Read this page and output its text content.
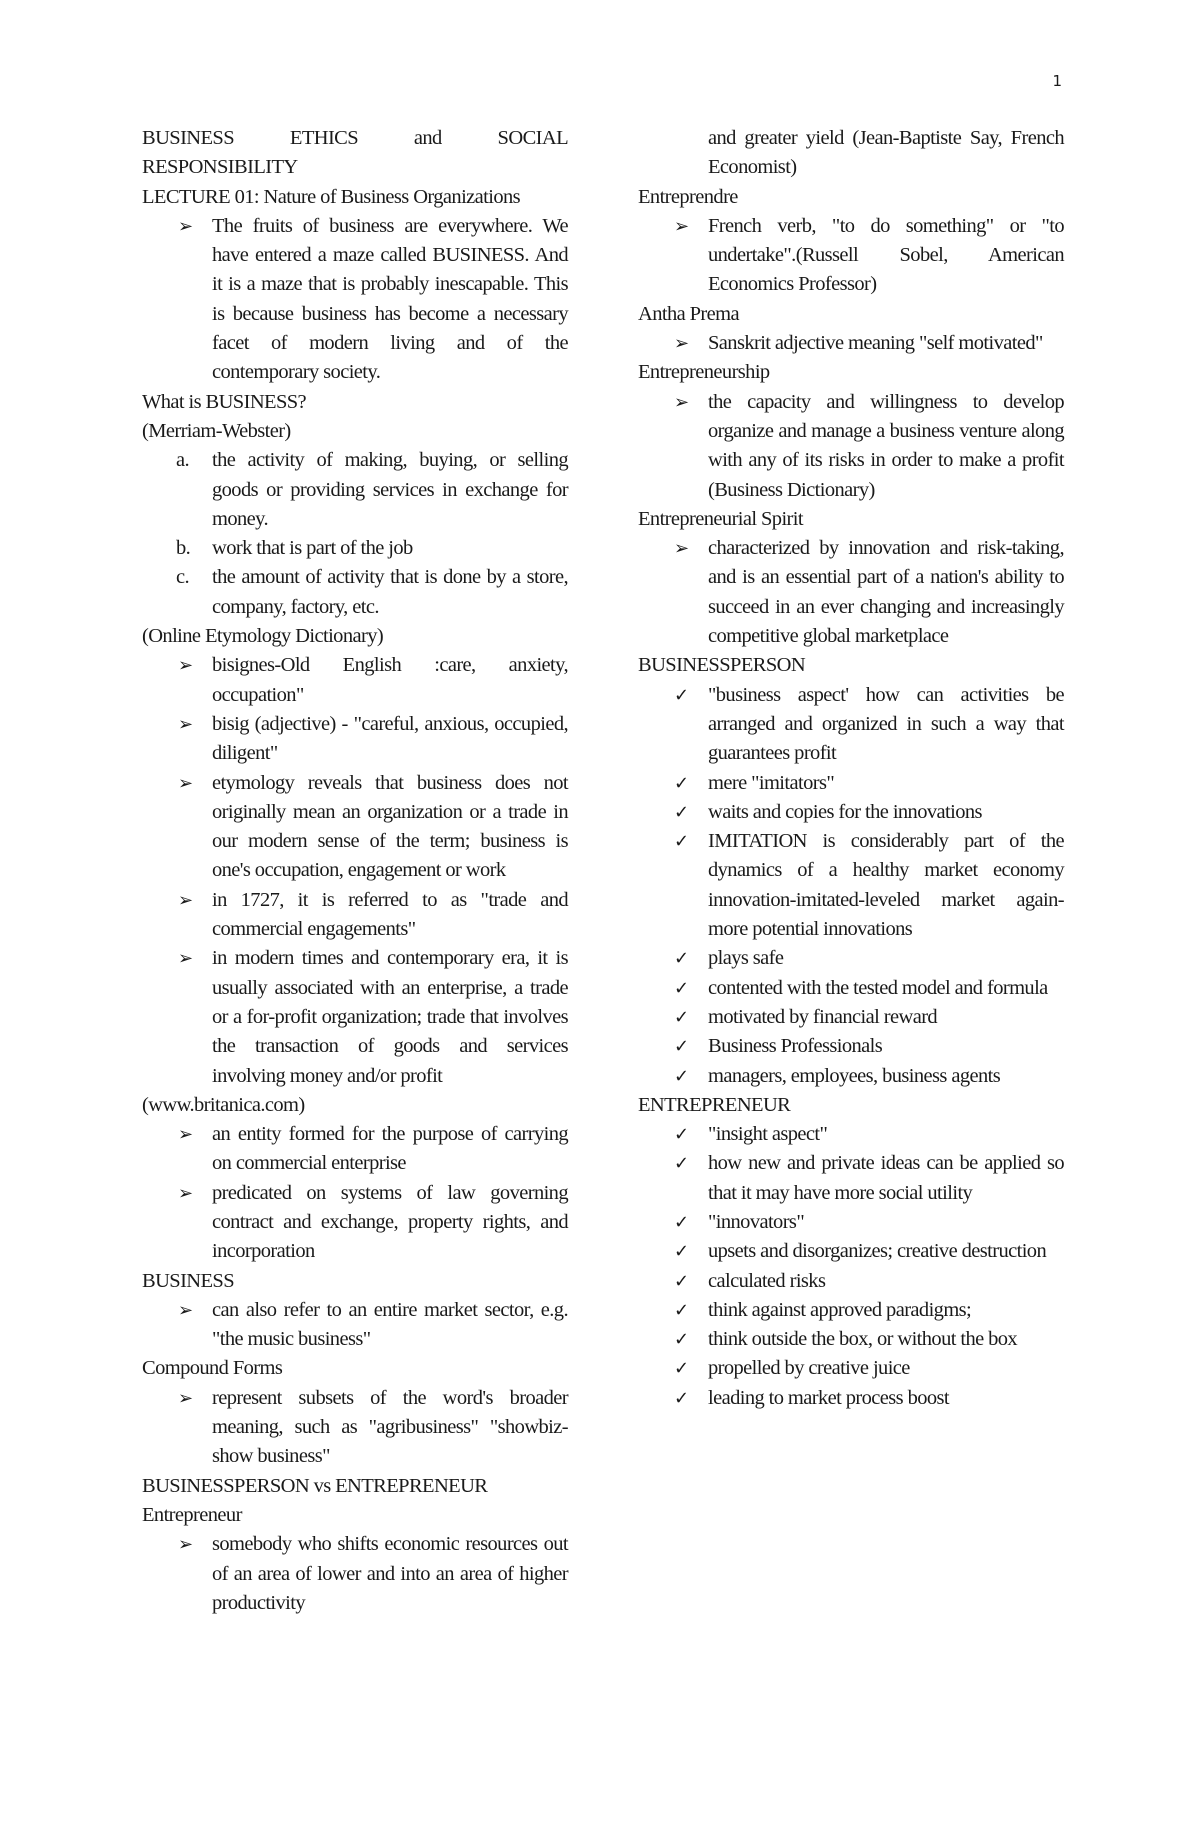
1
BUSINESS ETHICS and SOCIAL RESPONSIBILITY
LECTURE 01: Nature of Business Organizations
➢ The fruits of business are everywhere. We have entered a maze called BUSINESS. And it is a maze that is probably inescapable. This is because business has become a necessary facet of modern living and of the contemporary society.
What is BUSINESS?
(Merriam-Webster)
a.	the activity of making, buying, or selling goods or providing services in exchange for money.
b.	work that is part of the job
c.	the amount of activity that is done by a store, company, factory, etc.
(Online Etymology Dictionary)
➢ bisignes-Old English :care, anxiety, occupation"
➢ bisig (adjective) - "careful, anxious, occupied, diligent"
➢ etymology reveals that business does not originally mean an organization or a trade in our modern sense of the term; business is one's occupation, engagement or work
➢ in 1727, it is referred to as "trade and commercial engagements"
➢ in modern times and contemporary era, it is usually associated with an enterprise, a trade or a for-profit organization; trade that involves the transaction of goods and services involving money and/or profit
(www.britanica.com)
➢ an entity formed for the purpose of carrying on commercial enterprise
➢ predicated on systems of law governing contract and exchange, property rights, and incorporation
BUSINESS
➢ can also refer to an entire market sector, e.g. "the music business"
Compound Forms
➢ represent subsets of the word's broader meaning, such as "agribusiness" "showbiz-show business"
BUSINESSPERSON vs ENTREPRENEUR
Entrepreneur
➢ somebody who shifts economic resources out of an area of lower and into an area of higher productivity
and greater yield (Jean-Baptiste Say, French Economist)
Entreprendre
➢ French verb, "to do something" or "to undertake".(Russell Sobel, American Economics Professor)
Antha Prema
➢ Sanskrit adjective meaning "self motivated"
Entrepreneurship
➢ the capacity and willingness to develop organize and manage a business venture along with any of its risks in order to make a profit (Business Dictionary)
Entrepreneurial Spirit
➢ characterized by innovation and risk-taking, and is an essential part of a nation's ability to succeed in an ever changing and increasingly competitive global marketplace
BUSINESSPERSON
✓ "business aspect' how can activities be arranged and organized in such a way that guarantees profit
✓ mere "imitators"
✓ waits and copies for the innovations
✓ IMITATION is considerably part of the dynamics of a healthy market economy innovation-imitated-leveled market again-more potential innovations
✓ plays safe
✓ contented with the tested model and formula
✓ motivated by financial reward
✓ Business Professionals
✓ managers, employees, business agents
ENTREPRENEUR
✓ "insight aspect"
✓ how new and private ideas can be applied so that it may have more social utility
✓ "innovators"
✓ upsets and disorganizes; creative destruction
✓ calculated risks
✓ think against approved paradigms;
✓ think outside the box, or without the box
✓ propelled by creative juice
✓ leading to market process boost
